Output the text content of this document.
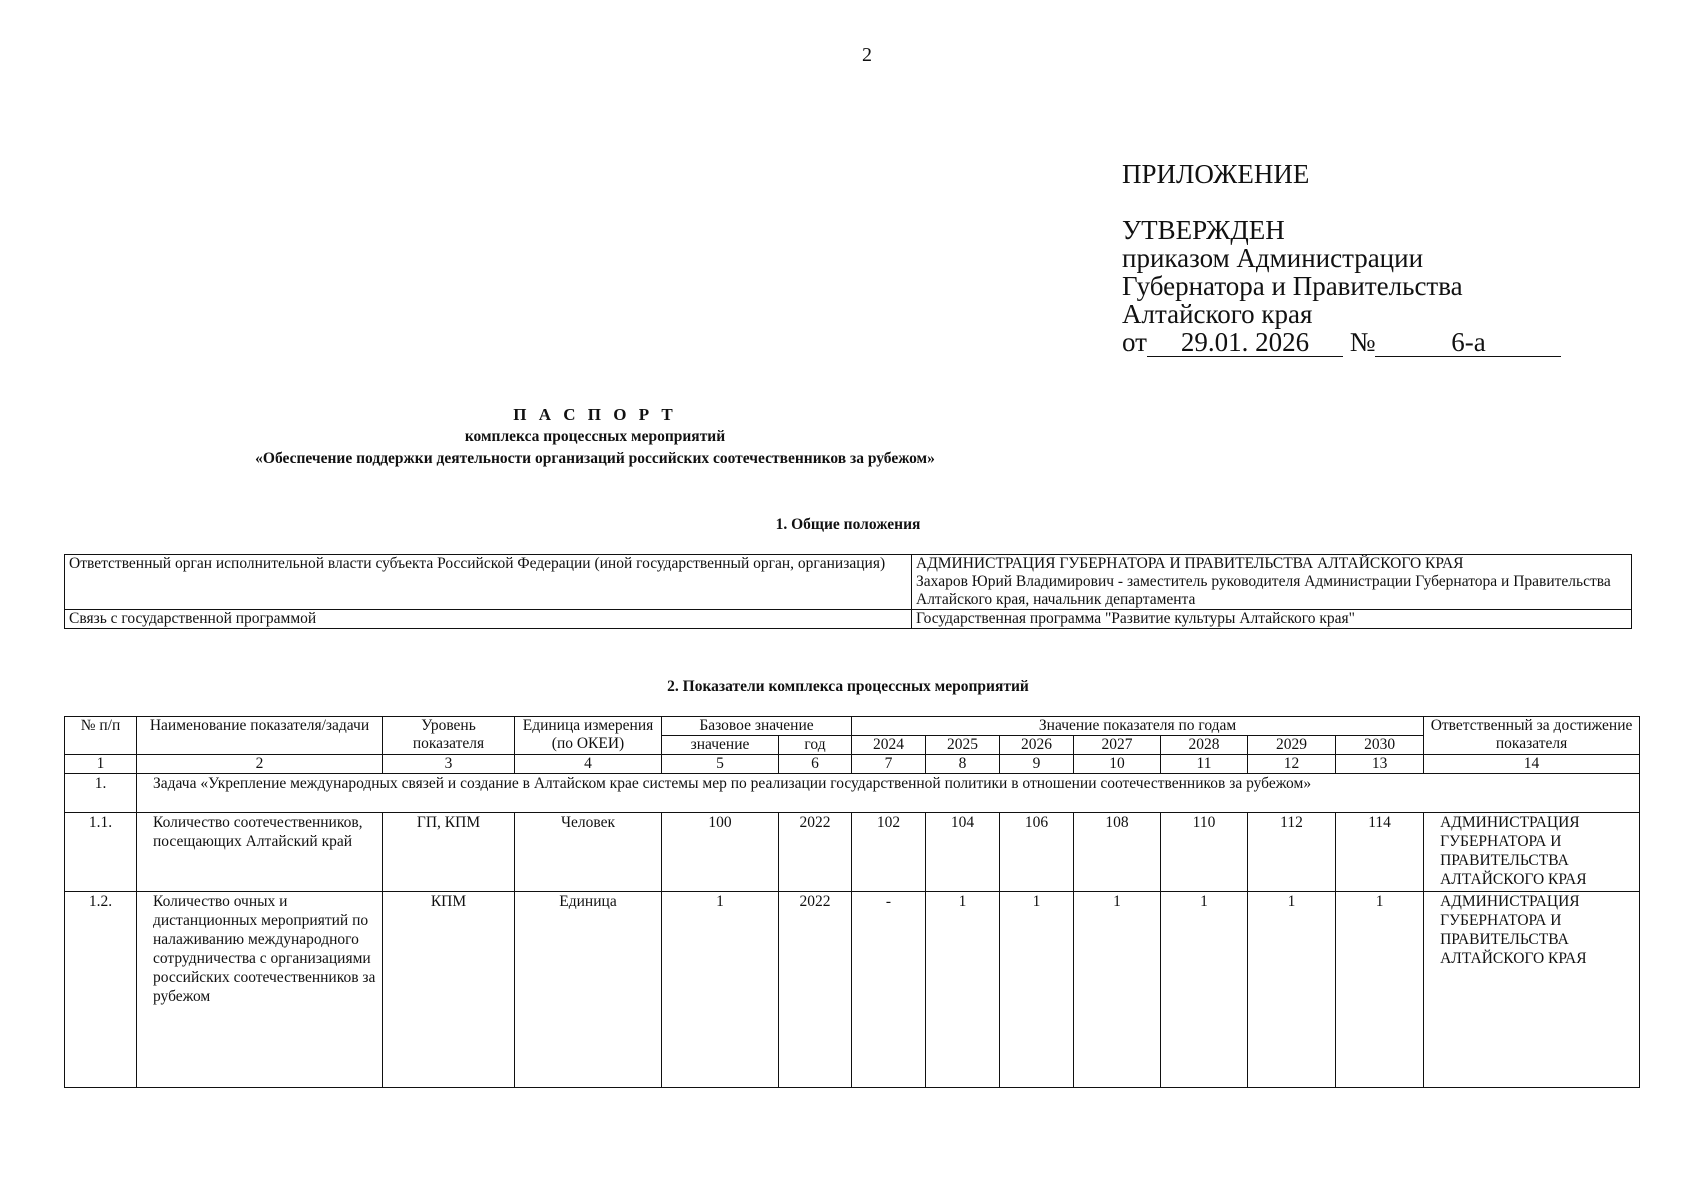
2
ПРИЛОЖЕНИЕ
УТВЕРЖДЕН
приказом Администрации
Губернатора и Правительства
Алтайского края
от 29.01. 2026 №	6-а
П А С П О Р Т
комплекса процессных мероприятий
«Обеспечение поддержки деятельности организаций российских соотечественников за рубежом»
1. Общие положения
Ответственный орган исполнительной власти субъекта Российской Федерации (иной государственный орган, организация)	АДМИНИСТРАЦИЯ ГУБЕРНАТОРА И ПРАВИТЕЛЬСТВА АЛТАЙСКОГО КРАЯ
Захаров Юрий Владимирович - заместитель руководителя Администрации Губернатора и Правительства Алтайского края, начальник департамента

Связь с государственной программой	Государственная программа "Развитие культуры Алтайского края"
2. Показатели комплекса процессных мероприятий
№ п/п	Наименование показателя/задачи	Уровень показателя	Единица измерения (по ОКЕИ)	Базовое значение		Значение показателя по годам							Ответственный за достижение показателя
				значение	год	2024	2025	2026	2027	2028	2029	2030	
1	2	3	4	5	6	7	8	9	10	11	12	13	14
1.	Задача «Укрепление международных связей и создание в Алтайском крае системы мер по реализации государственной политики в отношении соотечественников за рубежом»												
1.1.	Количество соотечественников, посещающих Алтайский край	ГП, КПМ	Человек	100	2022	102	104	106	108	110	112	114	АДМИНИСТРАЦИЯ ГУБЕРНАТОРА И ПРАВИТЕЛЬСТВА АЛТАЙСКОГО КРАЯ
1.2.	Количество очных и дистанционных мероприятий по налаживанию международного сотрудничества с организациями российских соотечественников за рубежом	КПМ	Единица	1	2022	-	1	1	1	1	1	1	АДМИНИСТРАЦИЯ ГУБЕРНАТОРА И ПРАВИТЕЛЬСТВА АЛТАЙСКОГО КРАЯ
